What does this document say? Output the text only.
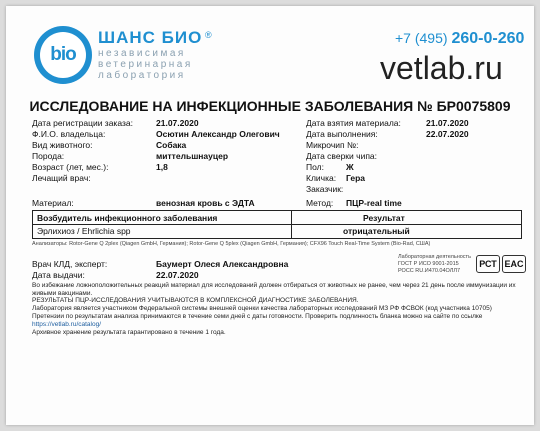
bio
ШАНС БИО ®
независимая
ветеринарная
лаборатория
+7 (495) 260-0-260
vetlab.ru
ИССЛЕДОВАНИЕ НА ИНФЕКЦИОННЫЕ ЗАБОЛЕВАНИЯ № БР0075809
Дата регистрации заказа:	21.07.2020
Ф.И.О. владельца:	Осютин Александр Олегович
Вид животного:	Собака
Порода:	миттельшнауцер
Возраст (лет, мес.):	1,8
Лечащий врач:
Дата взятия материала:	21.07.2020
Дата выполнения:	22.07.2020
Микрочип №:
Дата сверки чипа:
Пол:	Ж
Кличка: Гера
Заказчик:
Материал:	венозная кровь с ЭДТА	Метод: ПЦР-real time
Возбудитель инфекционного заболевания	Результат
Эрлихиоз / Ehrlichia spp	отрицательный
Анализаторы: Rotor-Gene Q 2plex (Qiagen GmbH, Германия); Rotor-Gene Q 5plex (Qiagen GmbH, Германия); CFX96 Touch Real-Time System (Bio-Rad, США)
Врач КЛД, эксперт:	Баумерт Олеся Александровна
Дата выдачи:	22.07.2020
Лабораторная деятельность
ГОСТ Р ИСО 9001-2015
РОСС RU.И470.04ОЛЛ7
РСТ EAC
Во избежание ложноположительных реакций материал для исследований должен отбираться от животных не ранее, чем через 21 день после иммунизации их живыми вакцинами.
РЕЗУЛЬТАТЫ ПЦР-ИССЛЕДОВАНИЯ УЧИТЫВАЮТСЯ В КОМПЛЕКСНОЙ ДИАГНОСТИКЕ ЗАБОЛЕВАНИЯ.
Лаборатория является участником Федеральной системы внешней оценки качества лабораторных исследований МЗ РФ ФСВОК (код участника 10705)
Претензии по результатам анализа принимаются в течение семи дней с даты готовности. Проверить подлинность бланка можно на сайте по ссылке
https://vetlab.ru/catalog/
Архивное хранение результата гарантировано в течение 1 года.
